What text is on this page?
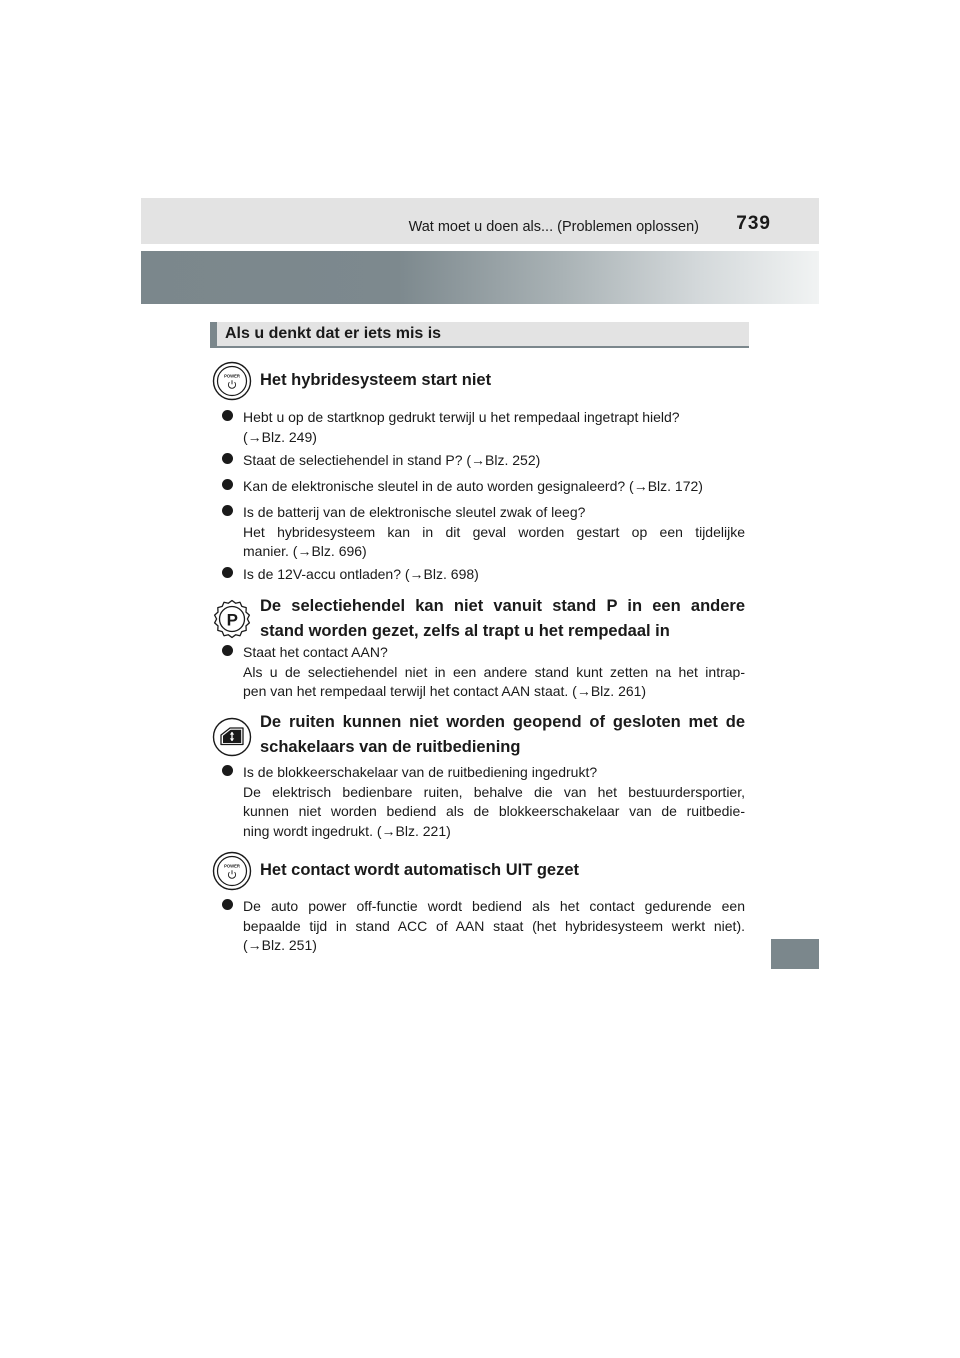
Wat moet u doen als... (Problemen oplossen) 739
Als u denkt dat er iets mis is
POWER Het hybridesysteem start niet
Hebt u op de startknop gedrukt terwijl u het rempedaal ingetrapt hield?
(→Blz. 249)
Staat de selectiehendel in stand P? (→Blz. 252)
Kan de elektronische sleutel in de auto worden gesignaleerd? (→Blz. 172)
Is de batterij van de elektronische sleutel zwak of leeg?
Het hybridesysteem kan in dit geval worden gestart op een tijdelijke
manier. (→Blz. 696)
Is de 12V-accu ontladen? (→Blz. 698)
P
De selectiehendel kan niet vanuit stand P in een andere
stand worden gezet, zelfs al trapt u het rempedaal in
Staat het contact AAN?
Als u de selectiehendel niet in een andere stand kunt zetten na het intrap-
pen van het rempedaal terwijl het contact AAN staat. (→Blz. 261)
De ruiten kunnen niet worden geopend of gesloten met de
schakelaars van de ruitbediening
Is de blokkeerschakelaar van de ruitbediening ingedrukt?
De elektrisch bedienbare ruiten, behalve die van het bestuurdersportier,
kunnen niet worden bediend als de blokkeerschakelaar van de ruitbedie-
ning wordt ingedrukt. (→Blz. 221)
POWER Het contact wordt automatisch UIT gezet
De auto power off-functie wordt bediend als het contact gedurende een
bepaalde tijd in stand ACC of AAN staat (het hybridesysteem werkt niet).
(→Blz. 251)
